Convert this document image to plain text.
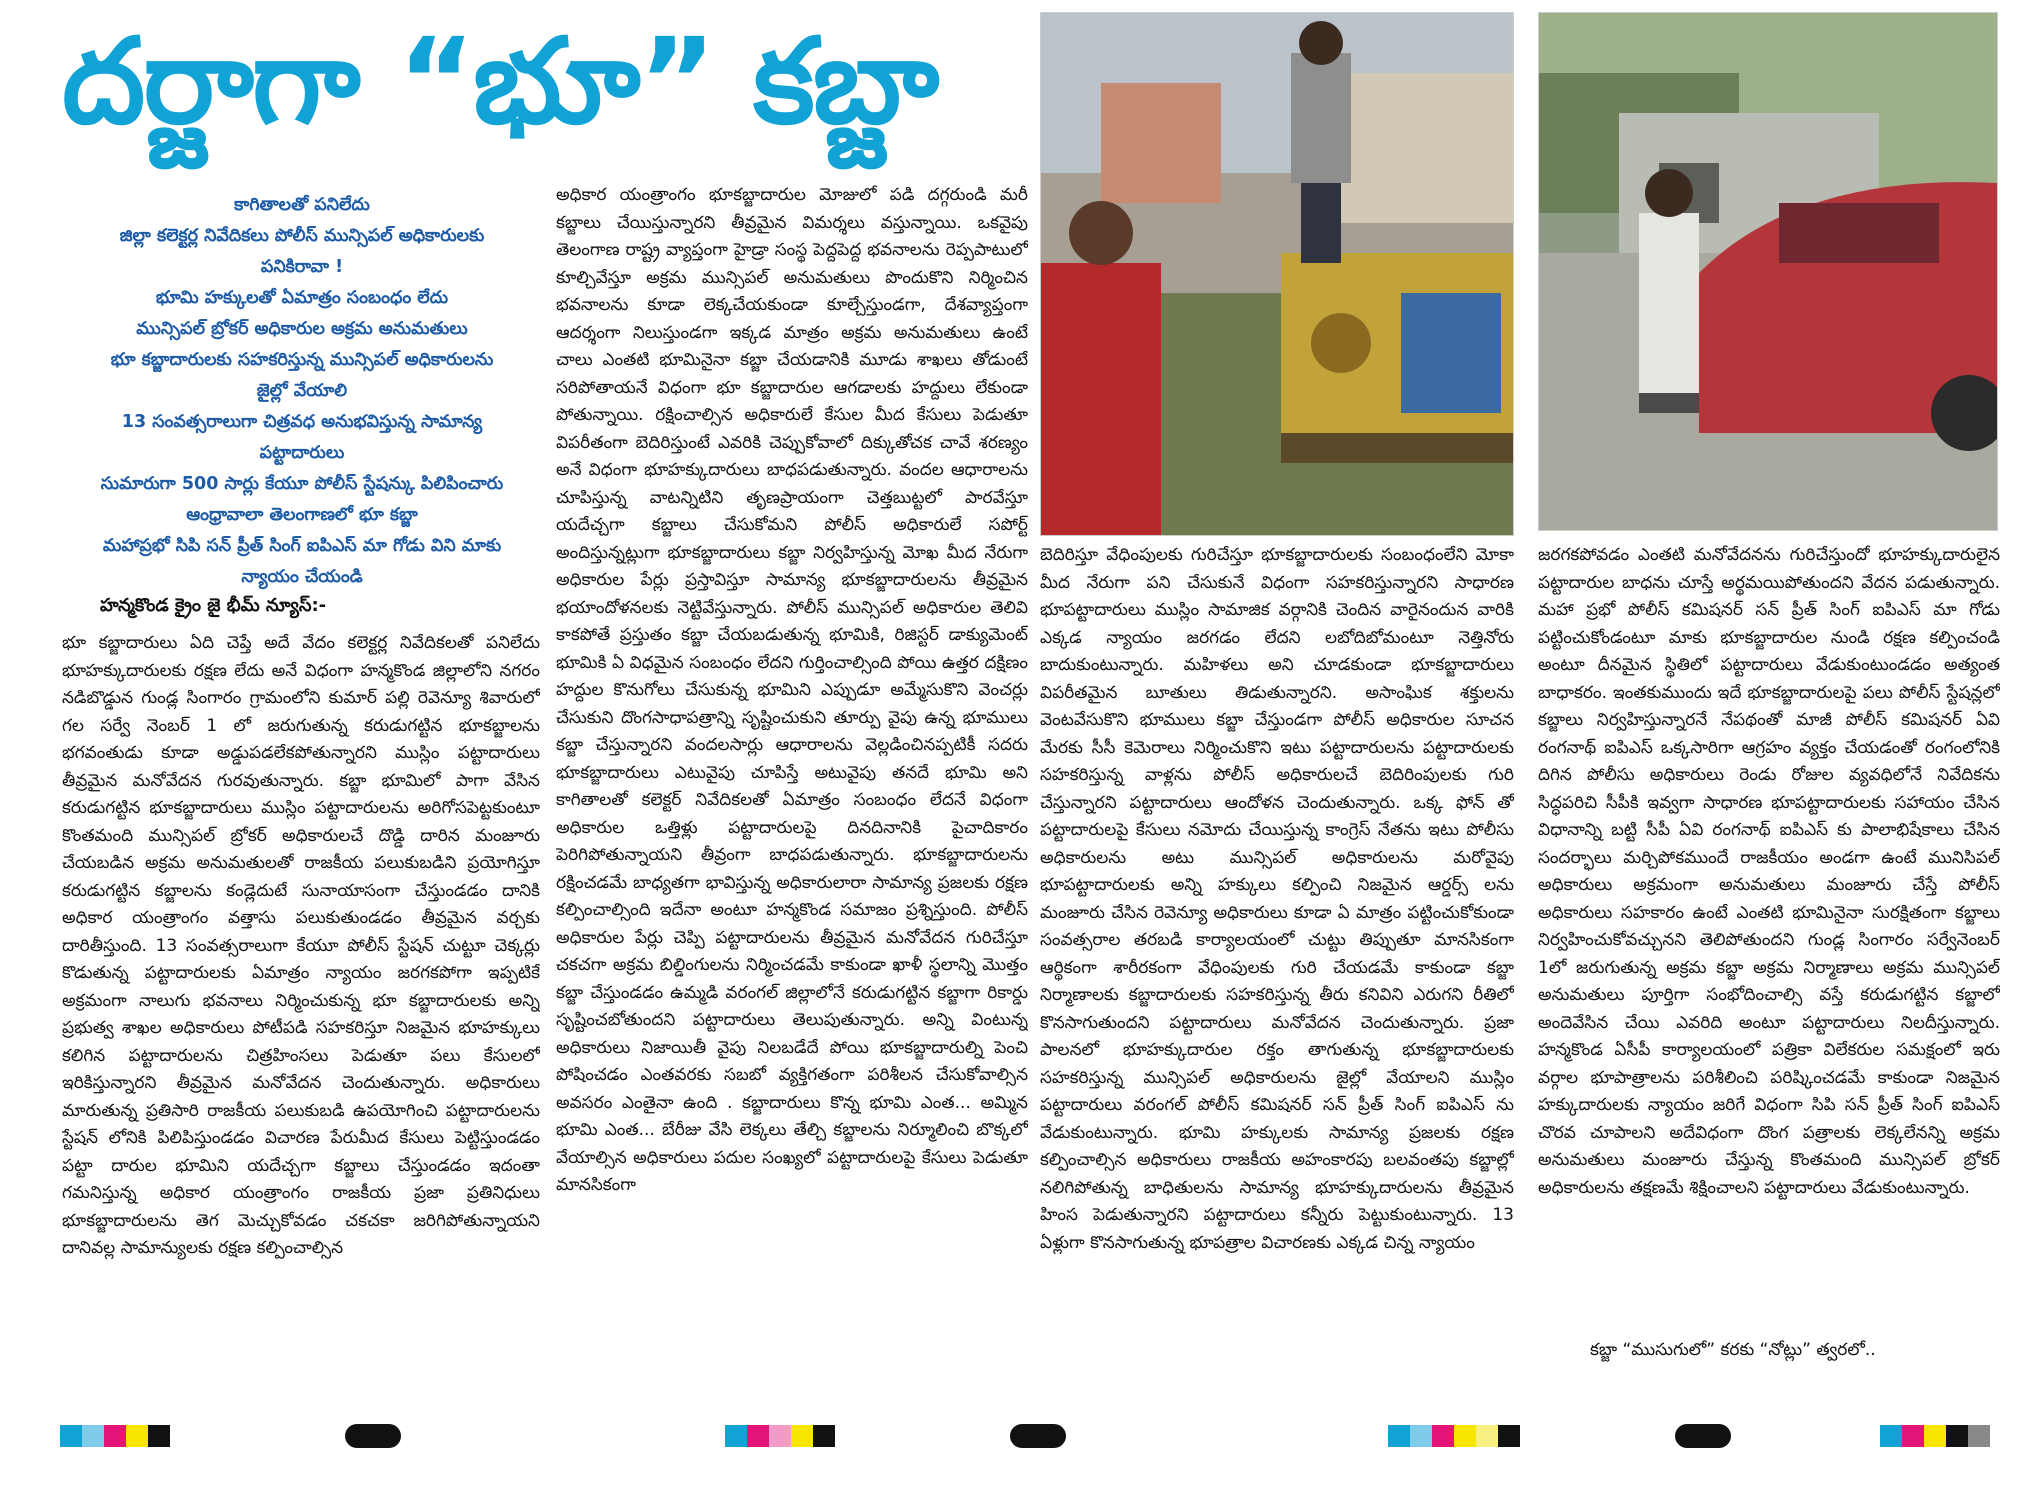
దర్జాగా “భూ” కబ్జా
కాగితాలతో పనిలేదు
జిల్లా కలెక్టర్ల నివేదికలు పోలీస్ మున్సిపల్ అధికారులకు
పనికిరావా !
భూమి హక్కులతో ఏమాత్రం సంబంధం లేదు
మున్సిపల్ బ్రోకర్ అధికారుల అక్రమ అనుమతులు
భూ కబ్జాదారులకు సహకరిస్తున్న మున్సిపల్ అధికారులను
జైల్లో వేయాలి
13 సంవత్సరాలుగా చిత్రవధ అనుభవిస్తున్న సామాన్య
పట్టాదారులు
సుమారుగా 500 సార్లు కేయూ పోలీస్ స్టేషన్కు పిలిపించారు
ఆంధ్రావాలా తెలంగాణలో భూ కబ్జా
మహాప్రభో సిపి సన్ ప్రీత్ సింగ్ ఐపిఎస్ మా గోడు విని మాకు
న్యాయం చేయండి
హన్మకొండ క్రైం జై భీమ్ న్యూస్:-

భూ కబ్జాదారులు ఏది చెప్తే అదే వేదం కలెక్టర్ల నివేదికలతో పనిలేదు భూహక్కుదారులకు రక్షణ లేదు అనే విధంగా హన్మకొండ జిల్లాలోని నగరం నడిబొడ్డున గుండ్ల సింగారం గ్రామంలోని కుమార్ పల్లి రెవెన్యూ శివారులో గల సర్వే నెంబర్ 1 లో జరుగుతున్న కరుడుగట్టిన భూకబ్జాలను భగవంతుడు కూడా అడ్డుపడలేకపోతున్నారని ముస్లిం పట్టాదారులు తీవ్రమైన మనోవేదన గురవుతున్నారు. కబ్జా భూమిలో పాగా వేసిన కరుడుగట్టిన భూకబ్జాదారులు ముస్లిం పట్టాదారులను అరిగోసపెట్టకుంటూ కొంతమంది మున్సిపల్ బ్రోకర్ అధికారులచే దొడ్డి దారిన మంజూరు చేయబడిన అక్రమ అనుమతులతో రాజకీయ పలుకుబడిని ప్రయోగిస్తూ కరుడుగట్టిన కబ్జాలను కండ్లెదుటే సునాయాసంగా చేస్తుండడం దానికి అధికార యంత్రాంగం వత్తాసు పలుకుతుండడం తీవ్రమైన వర్చకు దారితీస్తుంది. 13 సంవత్సరాలుగా కేయూ పోలీస్ స్టేషన్ చుట్టూ చెక్కర్లు కొడుతున్న పట్టాదారులకు ఏమాత్రం న్యాయం జరగకపోగా ఇప్పటికే అక్రమంగా నాలుగు భవనాలు నిర్మించుకున్న భూ కబ్జాదారులకు అన్ని ప్రభుత్వ శాఖల అధికారులు పోటీపడి సహకరిస్తూ నిజమైన భూహక్కులు కలిగిన పట్టాదారులను చిత్రహింసలు పెడుతూ పలు కేసులలో ఇరికిస్తున్నారని తీవ్రమైన మనోవేదన చెందుతున్నారు. అధికారులు మారుతున్న ప్రతిసారి రాజకీయ పలుకుబడి ఉపయోగించి పట్టాదారులను స్టేషన్ లోనికి పిలిపిస్తుండడం విచారణ పేరుమీద కేసులు పెట్టిస్తుండడం పట్టా దారుల భూమిని యదేచ్చగా కబ్జాలు చేస్తుండడం ఇదంతా గమనిస్తున్న అధికార యంత్రాంగం రాజకీయ ప్రజా ప్రతినిధులు భూకబ్జాదారులను తెగ మెచ్చుకోవడం చకచకా జరిగిపోతున్నాయని దానివల్ల సామాన్యులకు రక్షణ కల్పించాల్సిన

అధికార యంత్రాంగం భూకబ్జాదారుల మోజులో పడి దగ్గరుండి మరీ కబ్జాలు చేయిస్తున్నారని తీవ్రమైన విమర్శలు వస్తున్నాయి. ఒకవైపు తెలంగాణ రాష్ట్ర వ్యాప్తంగా హైడ్రా సంస్థ పెద్దపెద్ద భవనాలను రెప్పపాటులో కూల్చివేస్తూ అక్రమ మున్సిపల్ అనుమతులు పొందుకొని నిర్మించిన భవనాలను కూడా లెక్కచేయకుండా కూల్చేస్తుండగా, దేశవ్యాప్తంగా ఆదర్శంగా నిలుస్తుండగా ఇక్కడ మాత్రం అక్రమ అనుమతులు ఉంటే చాలు ఎంతటి భూమినైనా కబ్జా చేయడానికి మూడు శాఖలు తోడుంటే సరిపోతాయనే విధంగా భూ కబ్జాదారుల ఆగడాలకు హద్దులు లేకుండా పోతున్నాయి. రక్షించాల్సిన అధికారులే కేసుల మీద కేసులు పెడుతూ విపరీతంగా బెదిరిస్తుంటే ఎవరికి చెప్పుకోవాలో దిక్కుతోచక చావే శరణ్యం అనే విధంగా భూహక్కుదారులు బాధపడుతున్నారు. వందల ఆధారాలను చూపిస్తున్న వాటన్నిటిని తృణప్రాయంగా చెత్తబుట్టలో పారవేస్తూ యదేచ్చగా కబ్జాలు చేసుకోమని పోలీస్ అధికారులే సపోర్ట్ అందిస్తున్నట్లుగా భూకబ్జాదారులు కబ్జా నిర్వహిస్తున్న మోఖ మీద నేరుగా అధికారుల పేర్లు ప్రస్తావిస్తూ సామాన్య భూకబ్జాదారులను తీవ్రమైన భయాందోళనలకు నెట్టివేస్తున్నారు. పోలీస్ మున్సిపల్ అధికారుల తెలివి కాకపోతే ప్రస్తుతం కబ్జా చేయబడుతున్న భూమికి, రిజిస్టర్ డాక్యుమెంట్ భూమికి ఏ విధమైన సంబంధం లేదని గుర్తించాల్సింది పోయి ఉత్తర దక్షిణం హద్దుల కొనుగోలు చేసుకున్న భూమిని ఎప్పుడూ అమ్మేసుకొని వెంచర్లు చేసుకుని దొంగసాధాపత్రాన్ని సృష్టించుకుని తూర్పు వైపు ఉన్న భూములు కబ్జా చేస్తున్నారని వందలసార్లు ఆధారాలను వెల్లడించినప్పటికీ సదరు భూకబ్జాదారులు ఎటువైపు చూపిస్తే అటువైపు తనదే భూమి అని కాగితాలతో కలెక్టర్ నివేదికలతో ఏమాత్రం సంబంధం లేదనే విధంగా అధికారుల ఒత్తిళ్లు పట్టాదారులపై దినదినానికి పైచాదికారం పెరిగిపోతున్నాయని తీవ్రంగా బాధపడుతున్నారు. భూకబ్జాదారులను రక్షించడమే బాధ్యతగా భావిస్తున్న అధికారులారా సామాన్య ప్రజలకు రక్షణ కల్పించాల్సింది ఇదేనా అంటూ హన్మకొండ సమాజం ప్రశ్నిస్తుంది. పోలీస్ అధికారుల పేర్లు చెప్పి పట్టాదారులను తీవ్రమైన మనోవేదన గురిచేస్తూ చకచగా అక్రమ బిల్డింగులను నిర్మించడమే కాకుండా ఖాళీ స్థలాన్ని మొత్తం కబ్జా చేస్తుండడం ఉమ్మడి వరంగల్ జిల్లాలోనే కరుడుగట్టిన కబ్జాగా రికార్డు సృష్టించబోతుందని పట్టాదారులు తెలుపుతున్నారు. అన్ని వింటున్న అధికారులు నిజాయితీ వైపు నిలబడేదే పోయి భూకబ్జాదారుల్ని పెంచి పోషించడం ఎంతవరకు సబబో వ్యక్తిగతంగా పరిశీలన చేసుకోవాల్సిన అవసరం ఎంతైనా ఉంది . కబ్జాదారులు కొన్న భూమి ఎంత... అమ్మిన భూమి ఎంత... బేరీజు వేసి లెక్కలు తేల్చి కబ్జాలను నిర్మూలించి బొక్కలో వేయాల్సిన అధికారులు పదుల సంఖ్యలో పట్టాదారులపై కేసులు పెడుతూ మానసికంగా

బెదిరిస్తూ వేధింపులకు గురిచేస్తూ భూకబ్జాదారులకు సంబంధంలేని మోకా మీద నేరుగా పని చేసుకునే విధంగా సహకరిస్తున్నారని సాధారణ భూపట్టాదారులు ముస్లిం సామాజిక వర్గానికి చెందిన వారైనందున వారికి ఎక్కడ న్యాయం జరగడం లేదని లబోదిబోమంటూ నెత్తినోరు బాదుకుంటున్నారు. మహిళలు అని చూడకుండా భూకబ్జాదారులు విపరీతమైన బూతులు తిడుతున్నారని. అసాంఘిక శక్తులను వెంటవేసుకొని భూములు కబ్జా చేస్తుండగా పోలీస్ అధికారుల సూచన మేరకు సీసీ కెమెరాలు నిర్మించుకొని ఇటు పట్టాదారులను పట్టాదారులకు సహకరిస్తున్న వాళ్లను పోలీస్ అధికారులచే బెదిరింపులకు గురి చేస్తున్నారని పట్టాదారులు ఆందోళన చెందుతున్నారు. ఒక్క ఫోన్ తో పట్టాదారులపై కేసులు నమోదు చేయిస్తున్న కాంగ్రెస్ నేతను ఇటు పోలీసు అధికారులను అటు మున్సిపల్ అధికారులను మరోవైపు భూపట్టాదారులకు అన్ని హక్కులు కల్పించి నిజమైన ఆర్డర్స్ లను మంజూరు చేసిన రెవెన్యూ అధికారులు కూడా ఏ మాత్రం పట్టించుకోకుండా సంవత్సరాల తరబడి కార్యాలయంలో చుట్టు తిప్పుతూ మానసికంగా ఆర్థికంగా శారీరకంగా వేధింపులకు గురి చేయడమే కాకుండా కబ్జా నిర్మాణాలకు కబ్జాదారులకు సహకరిస్తున్న తీరు కనివిని ఎరుగని రీతిలో కొనసాగుతుందని పట్టాదారులు మనోవేదన చెందుతున్నారు. ప్రజా పాలనలో భూహక్కుదారుల రక్తం తాగుతున్న భూకబ్జాదారులకు సహకరిస్తున్న మున్సిపల్ అధికారులను జైల్లో వేయాలని ముస్లిం పట్టాదారులు వరంగల్ పోలీస్ కమిషనర్ సన్ ప్రీత్ సింగ్ ఐపిఎస్ ను వేడుకుంటున్నారు. భూమి హక్కులకు సామాన్య ప్రజలకు రక్షణ కల్పించాల్సిన అధికారులు రాజకీయ అహంకారపు బలవంతపు కబ్జాల్లో నలిగిపోతున్న బాధితులను సామాన్య భూహక్కుదారులను తీవ్రమైన హింస పెడుతున్నారని పట్టాదారులు కన్నీరు పెట్టుకుంటున్నారు. 13 ఏళ్లుగా కొనసాగుతున్న భూపత్రాల విచారణకు ఎక్కడ చిన్న న్యాయం

జరగకపోవడం ఎంతటి మనోవేదనను గురిచేస్తుందో భూహక్కుదారులైన పట్టాదారుల బాధను చూస్తే అర్థమయిపోతుందని వేదన పడుతున్నారు. మహా ప్రభో పోలీస్ కమిషనర్ సన్ ప్రీత్ సింగ్ ఐపిఎస్ మా గోడు పట్టించుకోండంటూ మాకు భూకబ్జాదారుల నుండి రక్షణ కల్పించండి అంటూ దీనమైన స్థితిలో పట్టాదారులు వేడుకుంటుండడం అత్యంత బాధాకరం. ఇంతకుముందు ఇదే భూకబ్జాదారులపై పలు పోలీస్ స్టేషన్లలో కబ్జాలు నిర్వహిస్తున్నారనే నేపథంతో మాజీ పోలీస్ కమిషనర్ ఏవి రంగనాథ్ ఐపిఎస్ ఒక్కసారిగా ఆగ్రహం వ్యక్తం చేయడంతో రంగంలోనికి దిగిన పోలీసు అధికారులు రెండు రోజుల వ్యవధిలోనే నివేదికను సిద్ధపరిచి సీపీకి ఇవ్వగా సాధారణ భూపట్టాదారులకు సహాయం చేసిన విధానాన్ని బట్టి సీపీ ఏవి రంగనాథ్ ఐపిఎస్ కు పాలాభిషేకాలు చేసిన సందర్భాలు మర్చిపోకముందే రాజకీయం అండగా ఉంటే మునిసిపల్ అధికారులు అక్రమంగా అనుమతులు మంజూరు చేస్తే పోలీస్ అధికారులు సహకారం ఉంటే ఎంతటి భూమినైనా సురక్షితంగా కబ్జాలు నిర్వహించుకోవచ్చునని తెలిపోతుందని గుండ్ల సింగారం సర్వేనెంబర్ 1లో జరుగుతున్న అక్రమ కబ్జా అక్రమ నిర్మాణాలు అక్రమ మున్సిపల్ అనుమతులు పూర్తిగా సంభోదించాల్సి వస్తే కరుడుగట్టిన కబ్జాలో అందెవేసిన చేయి ఎవరిది అంటూ పట్టాదారులు నిలదీస్తున్నారు. హన్మకొండ ఏసీపీ కార్యాలయంలో పత్రికా విలేకరుల సమక్షంలో ఇరు వర్గాల భూపాత్రాలను పరిశీలించి పరిష్కించడమే కాకుండా నిజమైన హక్కుదారులకు న్యాయం జరిగే విధంగా సిపి సన్ ప్రీత్ సింగ్ ఐపిఎస్ చొరవ చూపాలని అదేవిధంగా దొంగ పత్రాలకు లెక్కలేనన్ని అక్రమ అనుమతులు మంజూరు చేస్తున్న కొంతమంది మున్సిపల్ బ్రోకర్ అధికారులను తక్షణమే శిక్షించాలని పట్టాదారులు వేడుకుంటున్నారు.

కబ్జా “ముసుగులో” కరకు “నోట్లు” త్వరలో..
